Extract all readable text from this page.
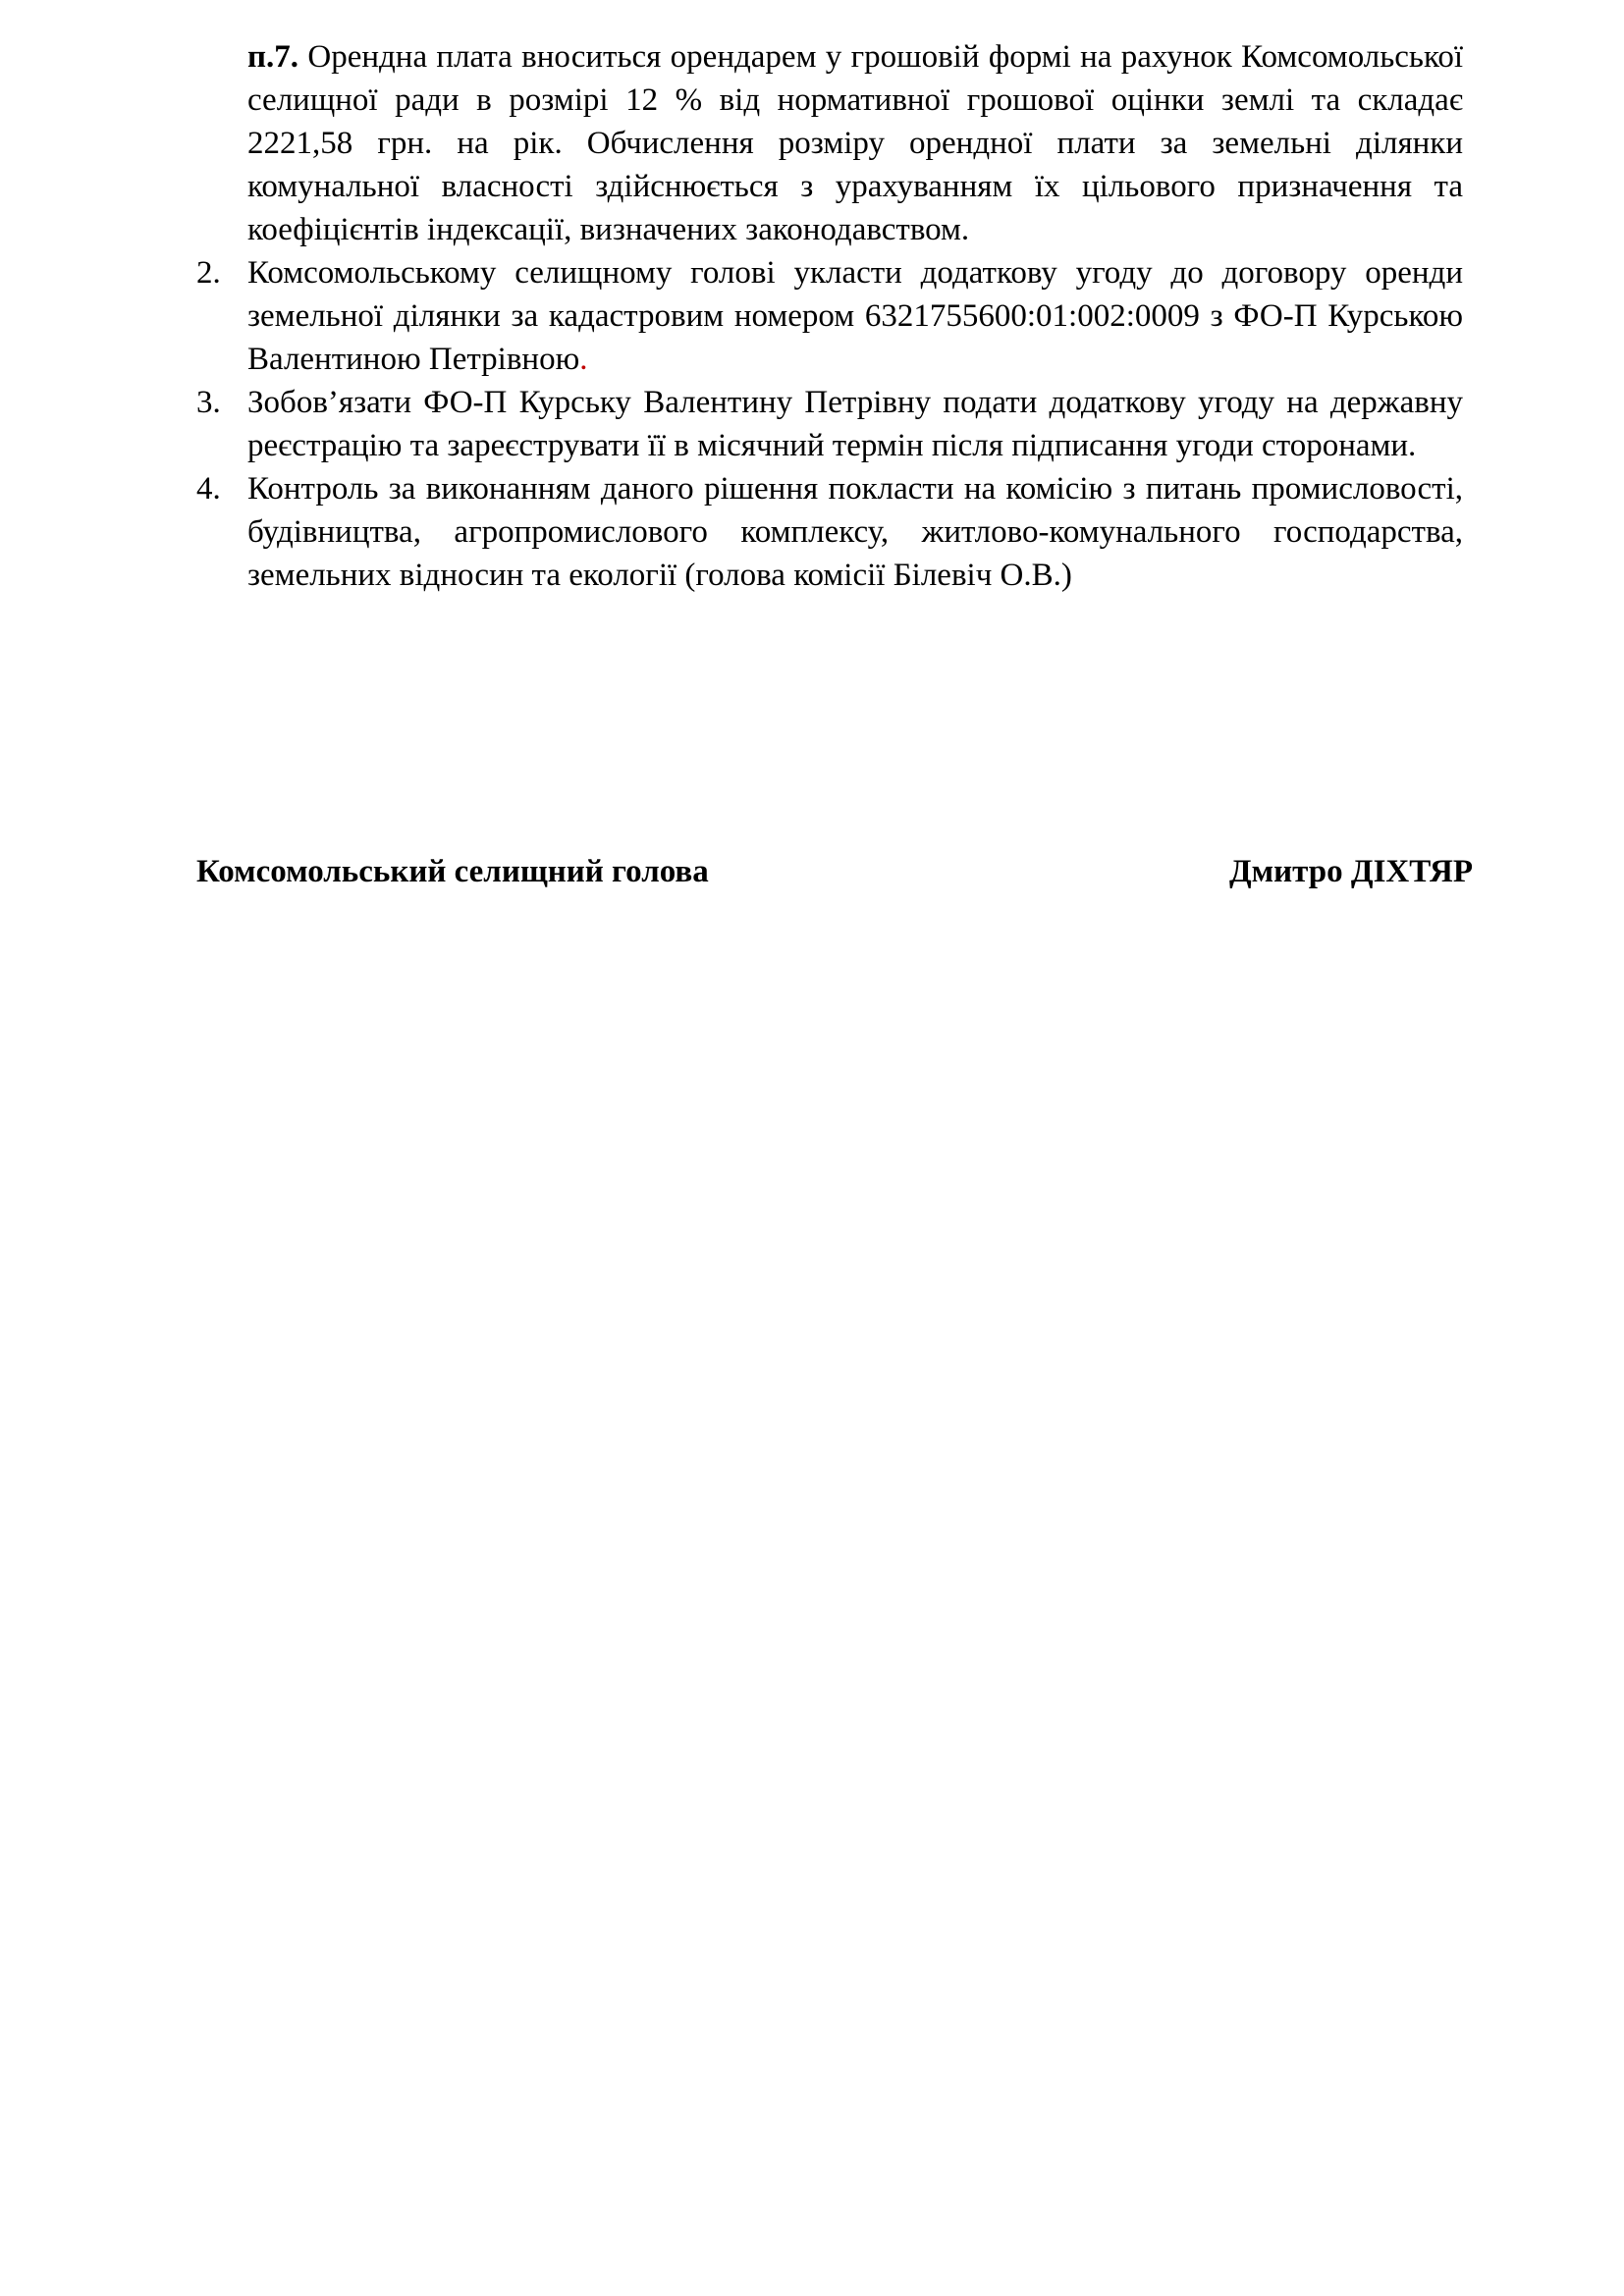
п.7. Орендна плата вноситься орендарем у грошовій формі на рахунок Комсомольської селищної ради в розмірі 12 % від нормативної грошової оцінки землі та складає 2221,58 грн. на рік. Обчислення розміру орендної плати за земельні ділянки комунальної власності здійснюється з урахуванням їх цільового призначення та коефіцієнтів індексації, визначених законодавством.

2. Комсомольському селищному голові укласти додаткову угоду до договору оренди земельної ділянки за кадастровим номером 6321755600:01:002:0009 з ФО-П Курською Валентиною Петрівною.
3. Зобов’язати ФО-П Курську Валентину Петрівну подати додаткову угоду на державну реєстрацію та зареєструвати її в місячний термін після підписання угоди сторонами.
4. Контроль за виконанням даного рішення покласти на комісію з питань промисловості, будівництва, агропромислового комплексу, житлово-комунального господарства, земельних відносин та екології (голова комісії Білевіч О.В.)
Комсомольський селищний голова	Дмитро ДІХТЯР
